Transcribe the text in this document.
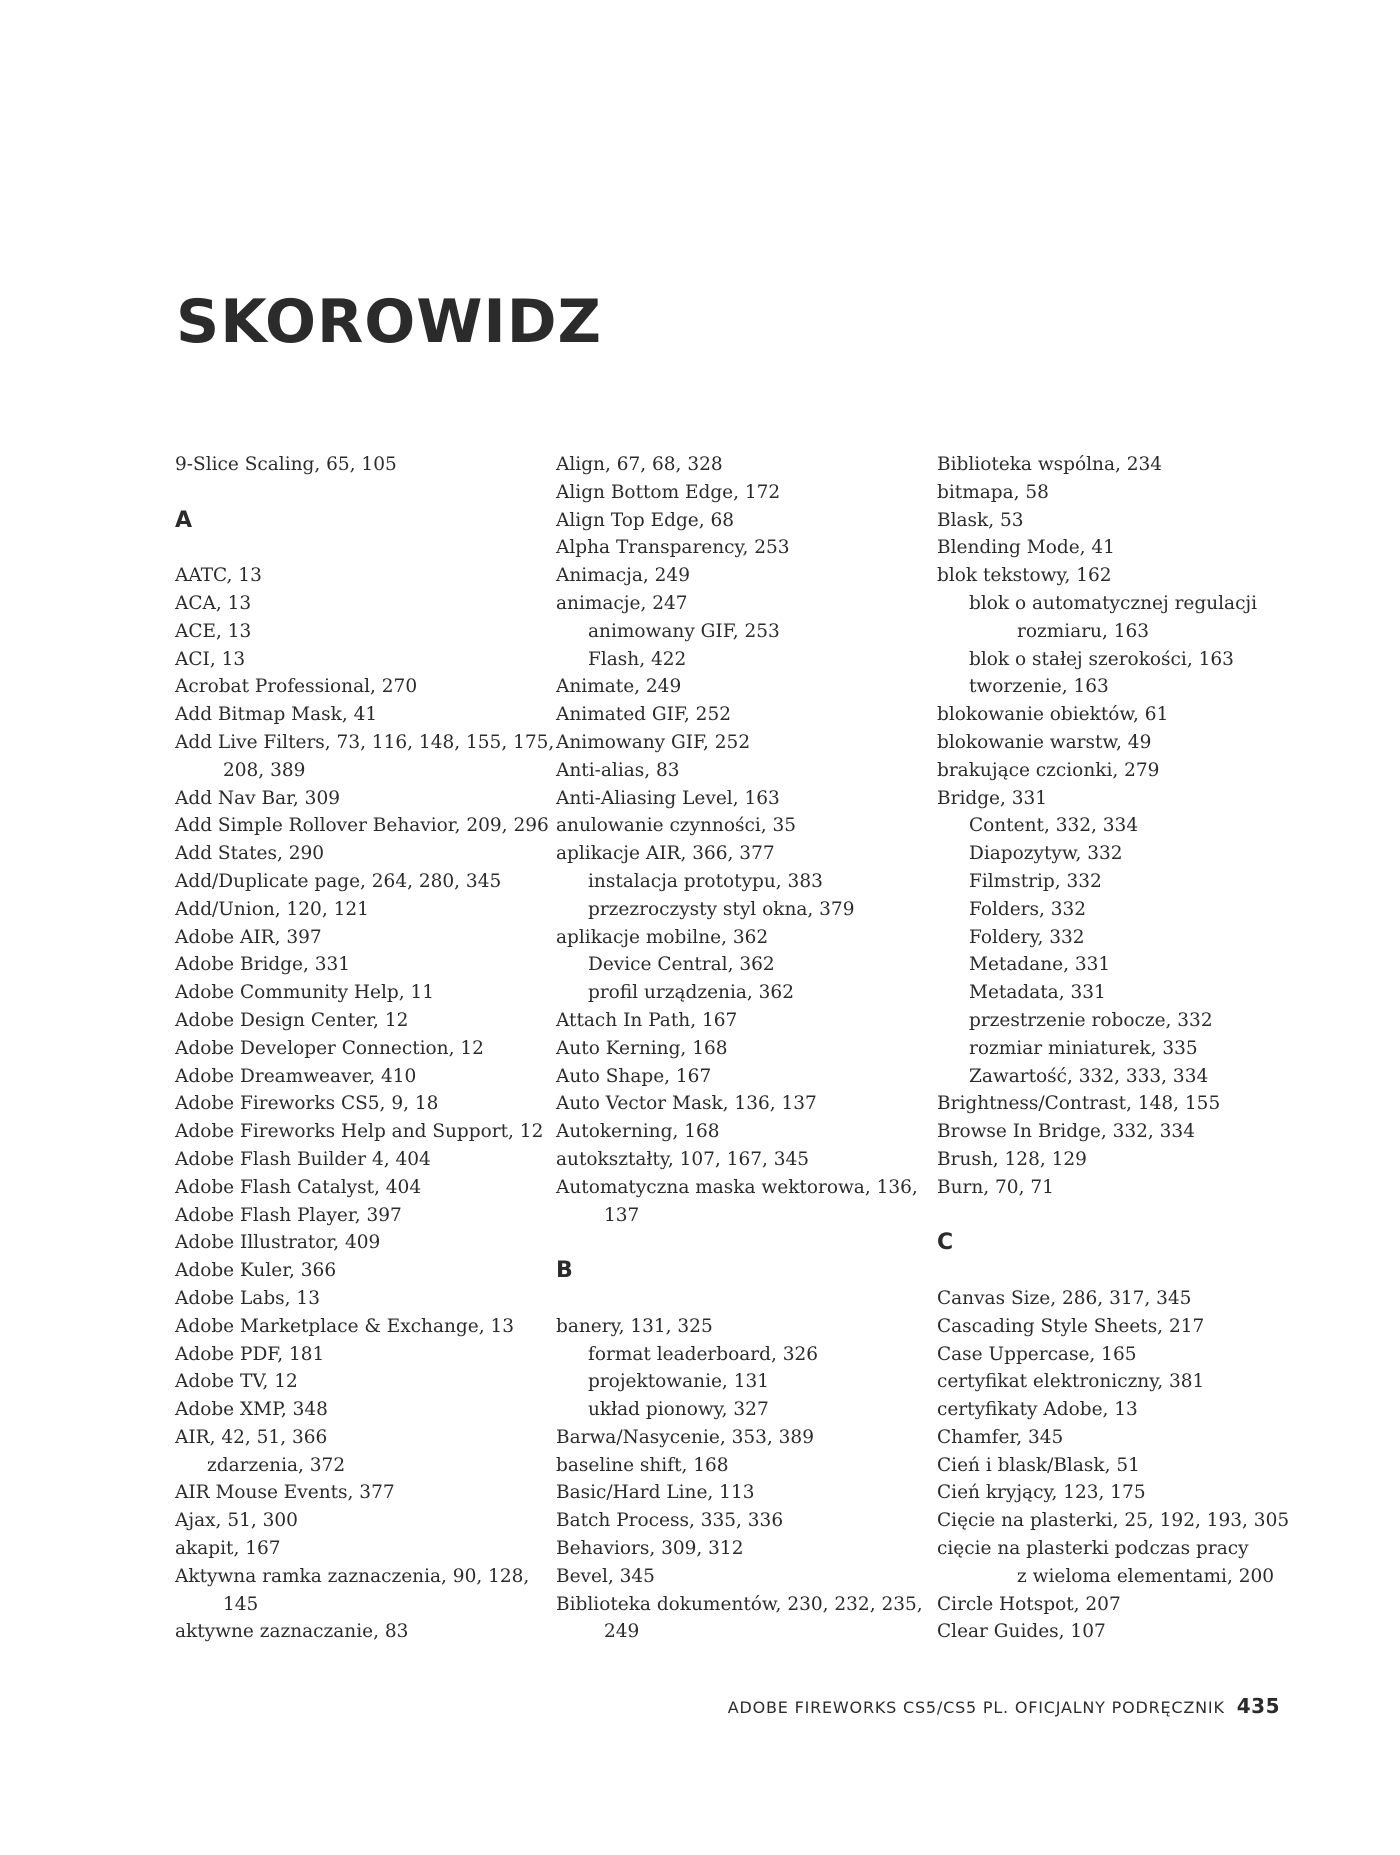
SKOROWIDZ
9-Slice Scaling, 65, 105
A
AATC, 13
ACA, 13
ACE, 13
ACI, 13
Acrobat Professional, 270
Add Bitmap Mask, 41
Add Live Filters, 73, 116, 148, 155, 175,
208, 389
Add Nav Bar, 309
Add Simple Rollover Behavior, 209, 296
Add States, 290
Add/Duplicate page, 264, 280, 345
Add/Union, 120, 121
Adobe AIR, 397
Adobe Bridge, 331
Adobe Community Help, 11
Adobe Design Center, 12
Adobe Developer Connection, 12
Adobe Dreamweaver, 410
Adobe Fireworks CS5, 9, 18
Adobe Fireworks Help and Support, 12
Adobe Flash Builder 4, 404
Adobe Flash Catalyst, 404
Adobe Flash Player, 397
Adobe Illustrator, 409
Adobe Kuler, 366
Adobe Labs, 13
Adobe Marketplace & Exchange, 13
Adobe PDF, 181
Adobe TV, 12
Adobe XMP, 348
AIR, 42, 51, 366
zdarzenia, 372
AIR Mouse Events, 377
Ajax, 51, 300
akapit, 167
Aktywna ramka zaznaczenia, 90, 128,
145
aktywne zaznaczanie, 83
Align, 67, 68, 328
Align Bottom Edge, 172
Align Top Edge, 68
Alpha Transparency, 253
Animacja, 249
animacje, 247
animowany GIF, 253
Flash, 422
Animate, 249
Animated GIF, 252
Animowany GIF, 252
Anti-alias, 83
Anti-Aliasing Level, 163
anulowanie czynności, 35
aplikacje AIR, 366, 377
instalacja prototypu, 383
przezroczysty styl okna, 379
aplikacje mobilne, 362
Device Central, 362
profil urządzenia, 362
Attach In Path, 167
Auto Kerning, 168
Auto Shape, 167
Auto Vector Mask, 136, 137
Autokerning, 168
autokształty, 107, 167, 345
Automatyczna maska wektorowa, 136,
137
B
banery, 131, 325
format leaderboard, 326
projektowanie, 131
układ pionowy, 327
Barwa/Nasycenie, 353, 389
baseline shift, 168
Basic/Hard Line, 113
Batch Process, 335, 336
Behaviors, 309, 312
Bevel, 345
Biblioteka dokumentów, 230, 232, 235,
249
Biblioteka wspólna, 234
bitmapa, 58
Blask, 53
Blending Mode, 41
blok tekstowy, 162
blok o automatycznej regulacji
rozmiaru, 163
blok o stałej szerokości, 163
tworzenie, 163
blokowanie obiektów, 61
blokowanie warstw, 49
brakujące czcionki, 279
Bridge, 331
Content, 332, 334
Diapozytyw, 332
Filmstrip, 332
Folders, 332
Foldery, 332
Metadane, 331
Metadata, 331
przestrzenie robocze, 332
rozmiar miniaturek, 335
Zawartość, 332, 333, 334
Brightness/Contrast, 148, 155
Browse In Bridge, 332, 334
Brush, 128, 129
Burn, 70, 71
C
Canvas Size, 286, 317, 345
Cascading Style Sheets, 217
Case Uppercase, 165
certyfikat elektroniczny, 381
certyfikaty Adobe, 13
Chamfer, 345
Cień i blask/Blask, 51
Cień kryjący, 123, 175
Cięcie na plasterki, 25, 192, 193, 305
cięcie na plasterki podczas pracy
z wieloma elementami, 200
Circle Hotspot, 207
Clear Guides, 107
ADOBE FIREWORKS CS5/CS5 PL. OFICJALNY PODRĘCZNIK 435
